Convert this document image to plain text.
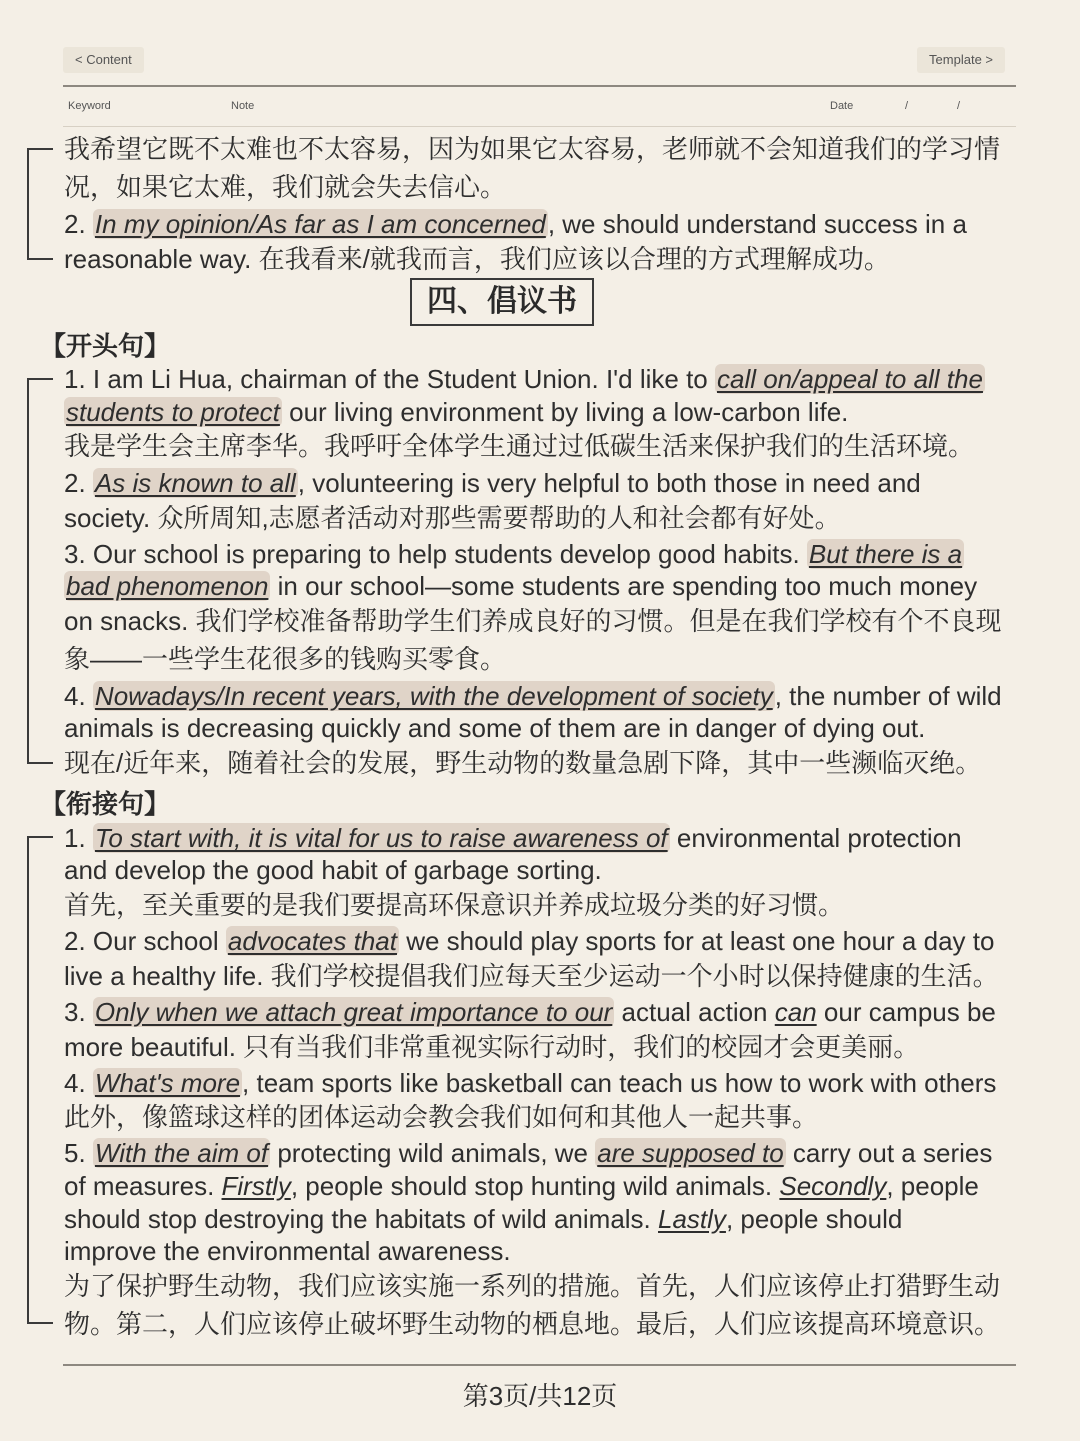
< Content	Template >
Keyword	Note	Date	/	/
我希望它既不太难也不太容易，因为如果它太容易，老师就不会知道我们的学习情
况，如果它太难，我们就会失去信心。
2. In my opinion/As far as I am concerned, we should understand success in a
reasonable way. 在我看来/就我而言，我们应该以合理的方式理解成功。
四、倡议书
【开头句】
1. I am Li Hua, chairman of the Student Union. I'd like to call on/appeal to all the
students to protect our living environment by living a low-carbon life.
我是学生会主席李华。我呼吁全体学生通过过低碳生活来保护我们的生活环境。
2. As is known to all, volunteering is very helpful to both those in need and
society. 众所周知,志愿者活动对那些需要帮助的人和社会都有好处。
3. Our school is preparing to help students develop good habits. But there is a
bad phenomenon in our school—some students are spending too much money
on snacks. 我们学校准备帮助学生们养成良好的习惯。但是在我们学校有个不良现
象——一些学生花很多的钱购买零食。
4. Nowadays/In recent years, with the development of society, the number of wild
animals is decreasing quickly and some of them are in danger of dying out.
现在/近年来，随着社会的发展，野生动物的数量急剧下降，其中一些濒临灭绝。
【衔接句】
1. To start with, it is vital for us to raise awareness of environmental protection
and develop the good habit of garbage sorting.
首先，至关重要的是我们要提高环保意识并养成垃圾分类的好习惯。
2. Our school advocates that we should play sports for at least one hour a day to
live a healthy life. 我们学校提倡我们应每天至少运动一个小时以保持健康的生活。
3. Only when we attach great importance to our actual action can our campus be
more beautiful. 只有当我们非常重视实际行动时，我们的校园才会更美丽。
4. What's more, team sports like basketball can teach us how to work with others
此外，像篮球这样的团体运动会教会我们如何和其他人一起共事。
5. With the aim of protecting wild animals, we are supposed to carry out a series
of measures. Firstly, people should stop hunting wild animals. Secondly, people
should stop destroying the habitats of wild animals. Lastly, people should
improve the environmental awareness.
为了保护野生动物，我们应该实施一系列的措施。首先，人们应该停止打猎野生动
物。第二，人们应该停止破坏野生动物的栖息地。最后，人们应该提高环境意识。
第3页/共12页
